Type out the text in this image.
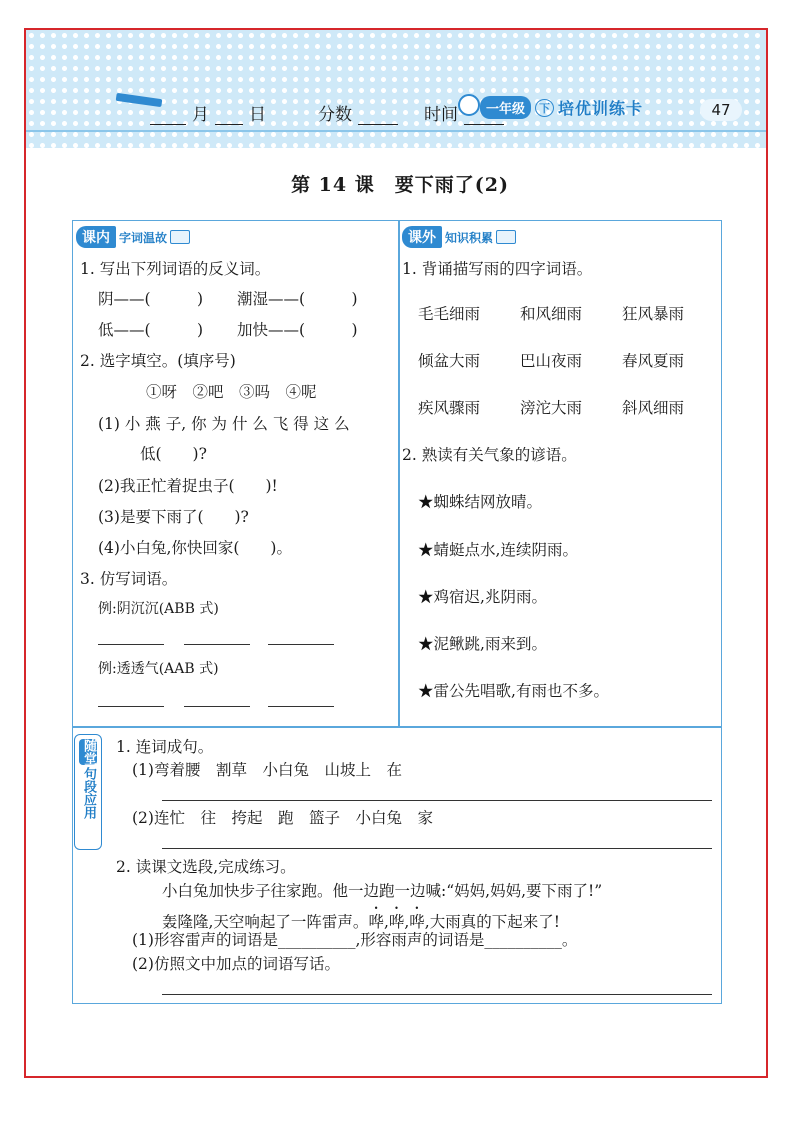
月 日	分数	时间	一年级	下 培优训练卡	47
第 14 课　要下雨了(2)
课内 字词温故
1. 写出下列词语的反义词。
阴——(　　　) 潮湿——(　　　)
低——(　　　) 加快——(　　　)
2. 选字填空。(填序号)
①呀　②吧　③吗　④呢
(1) 小 燕 子, 你 为 什 么 飞 得 这 么
低(　　)?
(2)我正忙着捉虫子(　　)!
(3)是要下雨了(　　)?
(4)小白兔,你快回家(　　)。
3. 仿写词语。
例:阴沉沉(ABB 式)
例:透透气(AAB 式)
课外 知识积累
1. 背诵描写雨的四字词语。
毛毛细雨	和风细雨	狂风暴雨
倾盆大雨	巴山夜雨	春风夏雨
疾风骤雨	滂沱大雨	斜风细雨
2. 熟读有关气象的谚语。
★蜘蛛结网放晴。
★蜻蜓点水,连续阴雨。
★鸡宿迟,兆阴雨。
★泥鳅跳,雨来到。
★雷公先唱歌,有雨也不多。
随堂
句段应用
1. 连词成句。
(1)弯着腰　割草　小白兔　山坡上　在
(2)连忙　往　挎起　跑　篮子　小白兔　家
2. 读课文选段,完成练习。
小白兔加快步子往家跑。他一边跑一边喊:“妈妈,妈妈,要下雨了!”
轰隆隆,天空响起了一阵雷声。哗,哗,哗,大雨真的下起来了!
(1)形容雷声的词语是__________,形容雨声的词语是__________。
(2)仿照文中加点的词语写话。
